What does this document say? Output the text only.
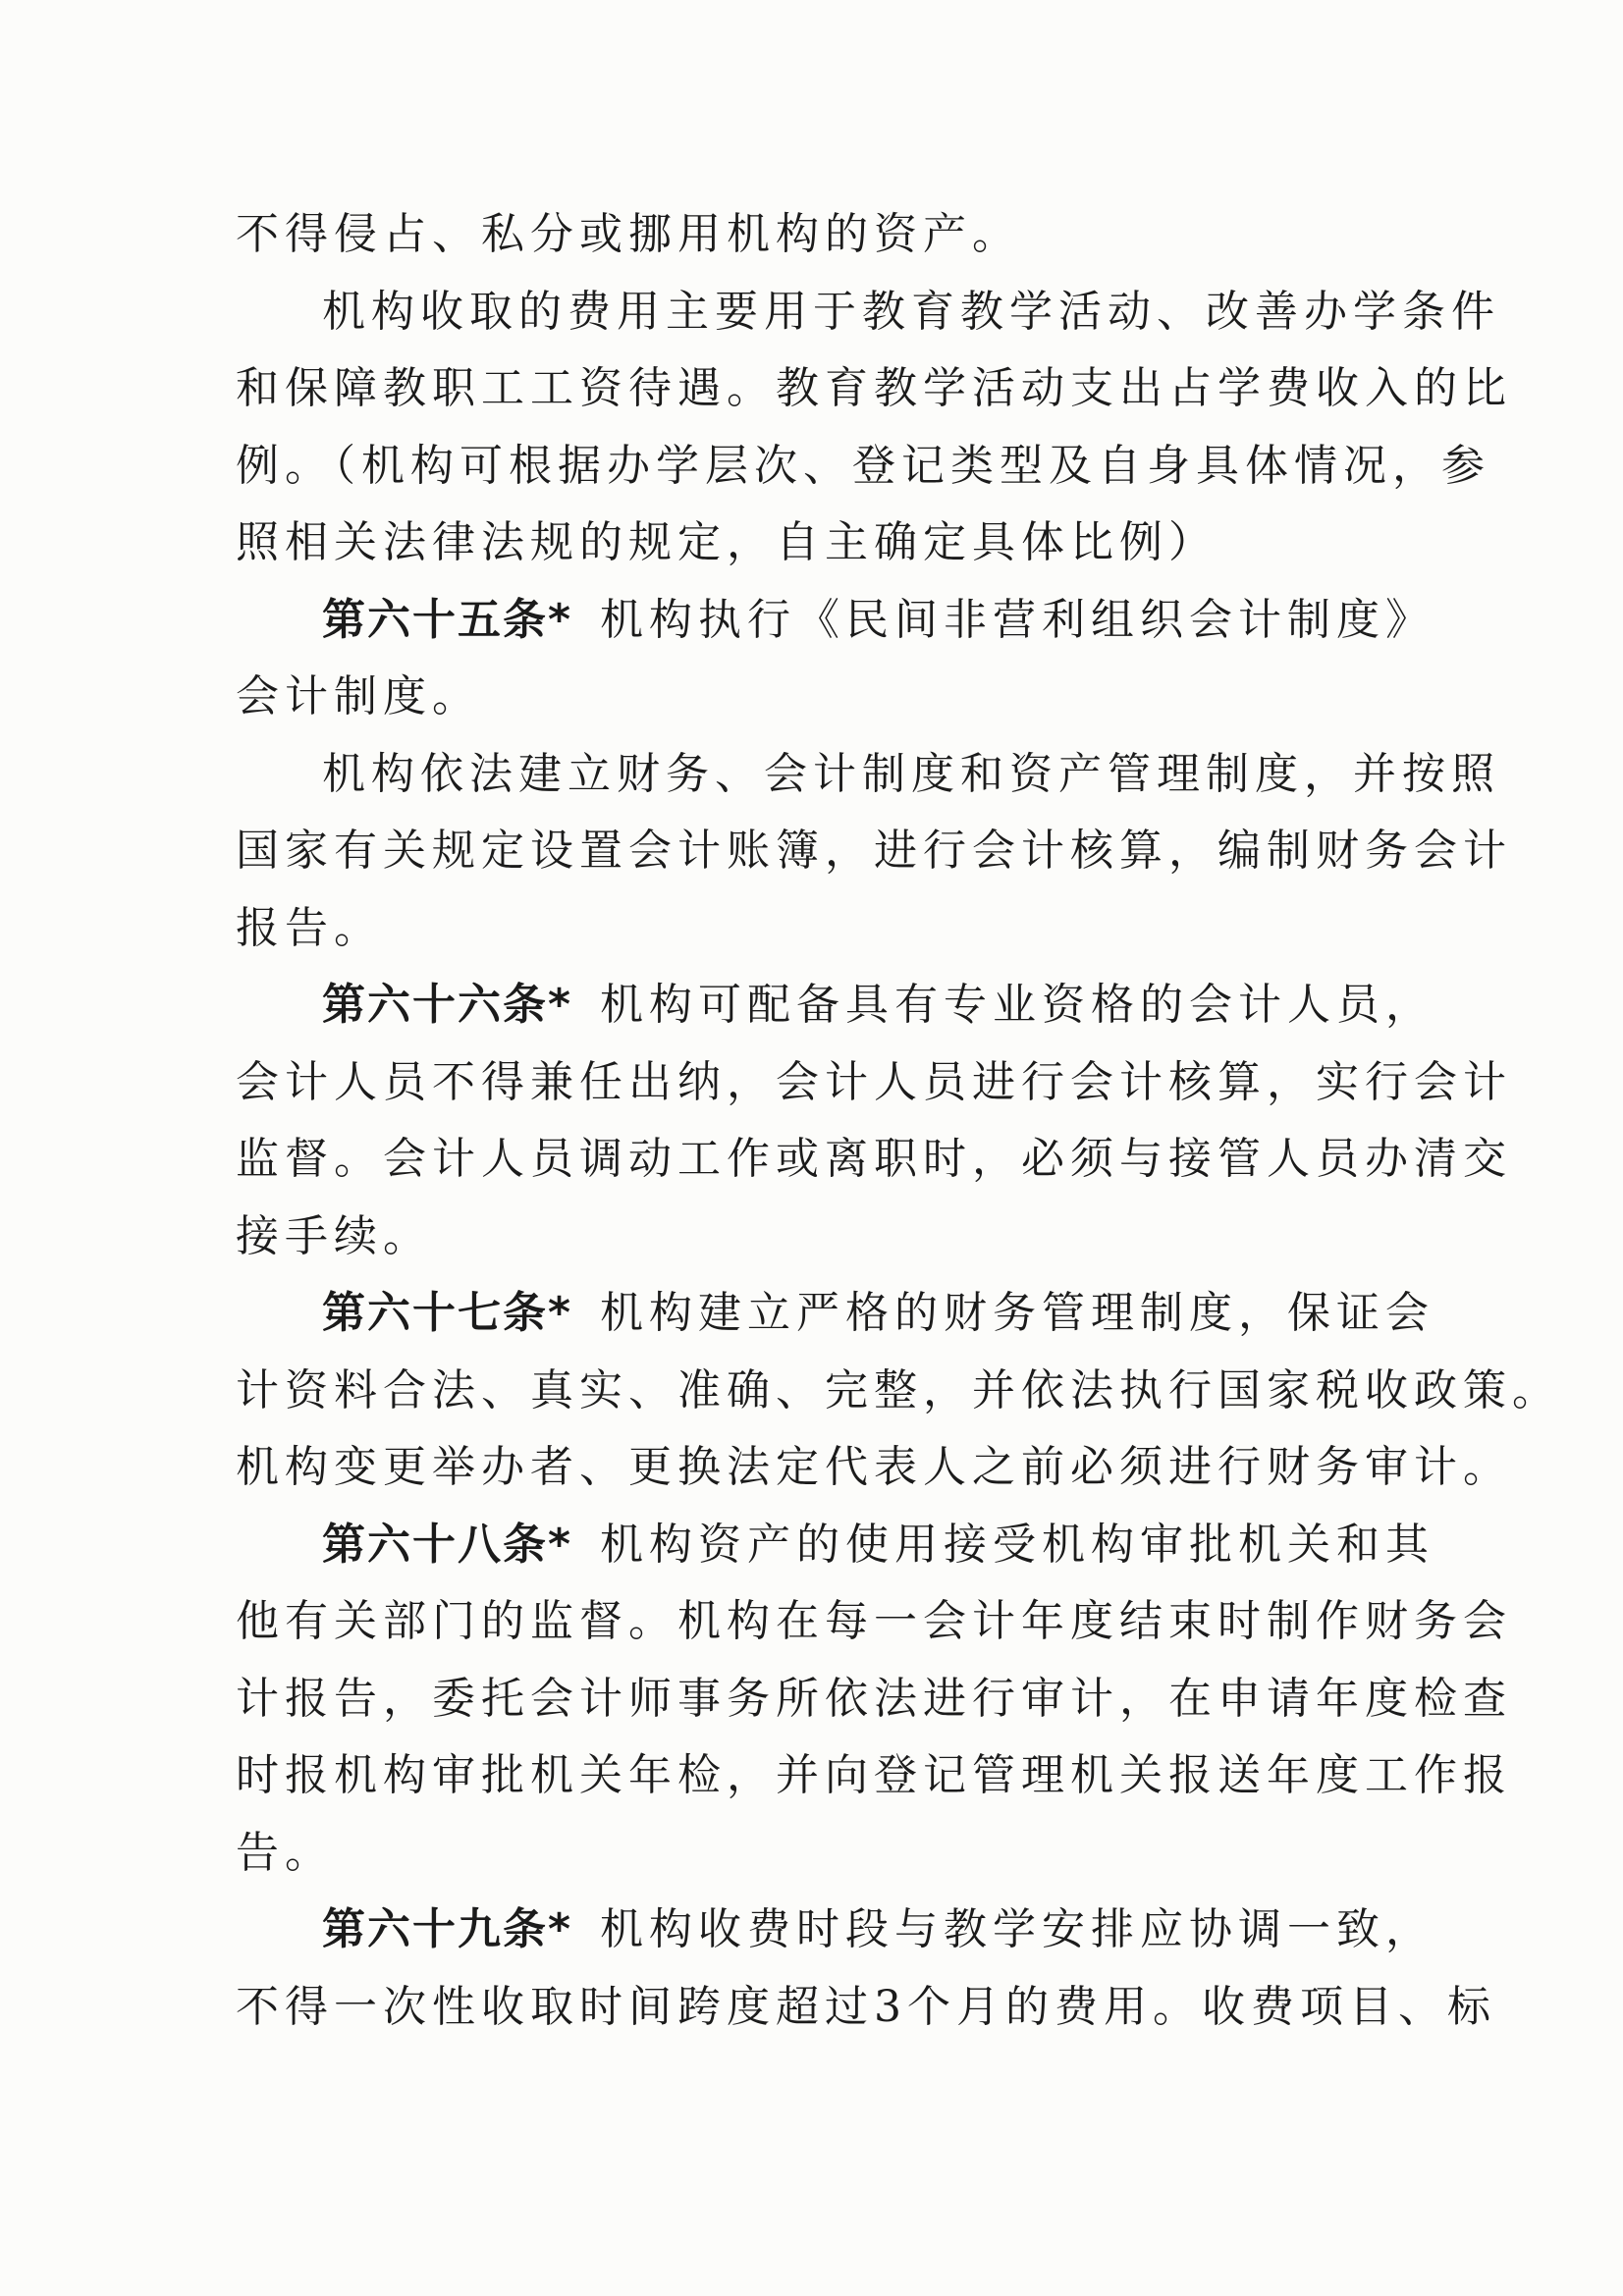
不得侵占、私分或挪用机构的资产。
机构收取的费用主要用于教育教学活动、改善办学条件
和保障教职工工资待遇。教育教学活动支出占学费收入的比
例。（机构可根据办学层次、登记类型及自身具体情况，参
照相关法律法规的规定，自主确定具体比例）
第六十五条* 机构执行《民间非营利组织会计制度》
会计制度。
机构依法建立财务、会计制度和资产管理制度，并按照
国家有关规定设置会计账簿，进行会计核算，编制财务会计
报告。
第六十六条* 机构可配备具有专业资格的会计人员，
会计人员不得兼任出纳，会计人员进行会计核算，实行会计
监督。会计人员调动工作或离职时，必须与接管人员办清交
接手续。
第六十七条* 机构建立严格的财务管理制度，保证会
计资料合法、真实、准确、完整，并依法执行国家税收政策。
机构变更举办者、更换法定代表人之前必须进行财务审计。
第六十八条* 机构资产的使用接受机构审批机关和其
他有关部门的监督。机构在每一会计年度结束时制作财务会
计报告，委托会计师事务所依法进行审计，在申请年度检查
时报机构审批机关年检，并向登记管理机关报送年度工作报
告。
第六十九条* 机构收费时段与教学安排应协调一致，
不得一次性收取时间跨度超过3个月的费用。收费项目、标
